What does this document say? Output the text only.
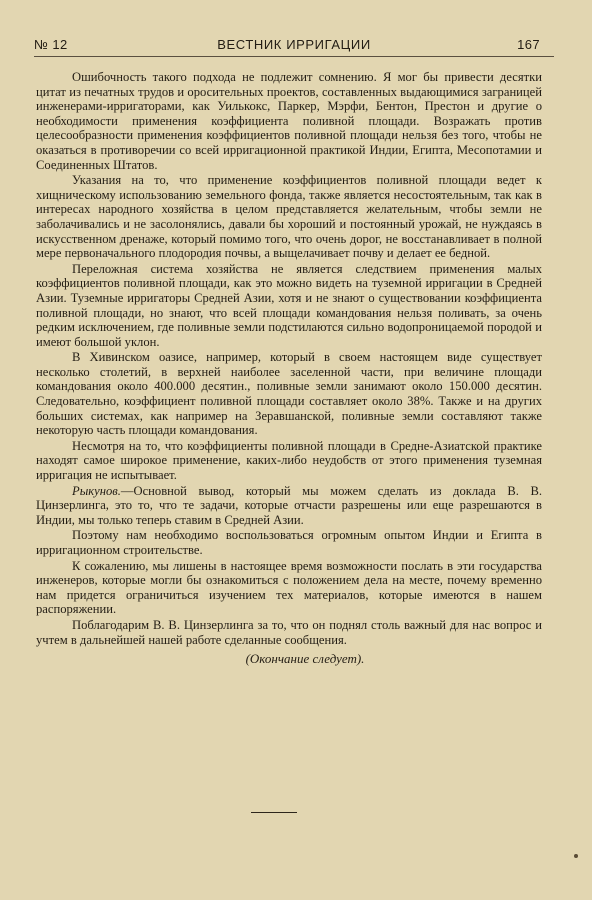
№ 12	ВЕСТНИК ИРРИГАЦИИ	167

Ошибочность такого подхода не подлежит сомнению. Я мог бы привести десятки цитат из печатных трудов и оросительных проектов, составленных выдающимися заграницей инженерами-ирригаторами, как Уилькокс, Паркер, Мэрфи, Бентон, Престон и другие о необходимости применения коэффициента поливной площади. Возражать против целесообразности применения коэффициентов поливной площади нельзя без того, чтобы не оказаться в противоречии со всей ирригационной практикой Индии, Египта, Месопотамии и Соединенных Штатов.

Указания на то, что применение коэффициентов поливной площади ведет к хищническому использованию земельного фонда, также является несостоятельным, так как в интересах народного хозяйства в целом представляется желательным, чтобы земли не заболачивались и не засолонялись, давали бы хороший и постоянный урожай, не нуждаясь в искусственном дренаже, который помимо того, что очень дорог, не восстанавливает в полной мере первоначального плодородия почвы, а выщелачивает почву и делает ее бедной.

Переложная система хозяйства не является следствием применения малых коэффициентов поливной площади, как это можно видеть на туземной ирригации в Средней Азии. Туземные ирригаторы Средней Азии, хотя и не знают о существовании коэффициента поливной площади, но знают, что всей площади командования нельзя поливать, за очень редким исключением, где поливные земли подстилаются сильно водопроницаемой породой и имеют большой уклон.

В Хивинском оазисе, например, который в своем настоящем виде существует несколько столетий, в верхней наиболее заселенной части, при величине площади командования около 400.000 десятин., поливные земли занимают около 150.000 десятин. Следовательно, коэффициент поливной площади составляет около 38%. Также и на других больших системах, как например на Зеравшанской, поливные земли составляют также некоторую часть площади командования.

Несмотря на то, что коэффициенты поливной площади в Средне-Азиатской практике находят самое широкое применение, каких-либо неудобств от этого применения туземная ирригация не испытывает.

Рыкунов.—Основной вывод, который мы можем сделать из доклада В. В. Цинзерлинга, это то, что те задачи, которые отчасти разрешены или еще разрешаются в Индии, мы только теперь ставим в Средней Азии.

Поэтому нам необходимо воспользоваться огромным опытом Индии и Египта в ирригационном строительстве.

К сожалению, мы лишены в настоящее время возможности послать в эти государства инженеров, которые могли бы ознакомиться с положением дела на месте, почему временно нам придется ограничиться изучением тех материалов, которые имеются в нашем распоряжении.

Поблагодарим В. В. Цинзерлинга за то, что он поднял столь важный для нас вопрос и учтем в дальнейшей нашей работе сделанные сообщения.

(Окончание следует).
